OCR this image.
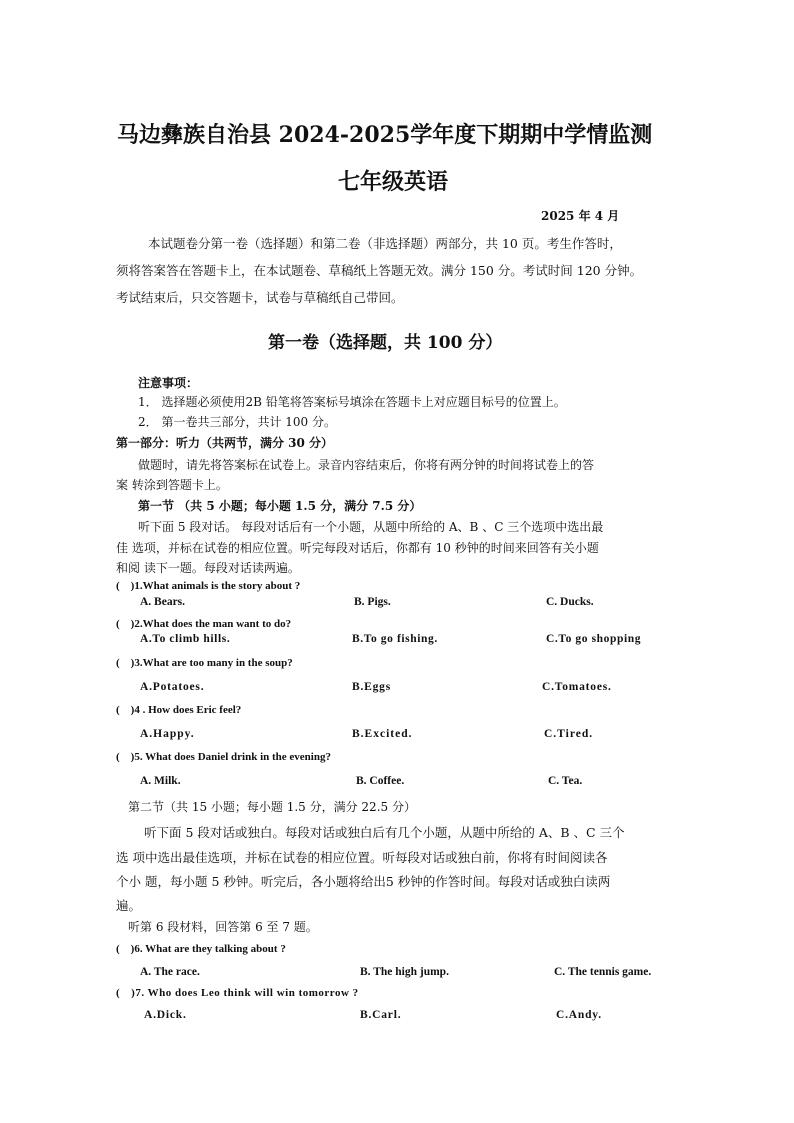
马边彝族自治县 2024-2025学年度下期期中学情监测
七年级英语
2025 年 4 月
本试题卷分第一卷（选择题）和第二卷（非选择题）两部分，共 10 页。考生作答时，
须将答案答在答题卡上，在本试题卷、草稿纸上答题无效。满分 150 分。考试时间 120 分钟。
考试结束后，只交答题卡，试卷与草稿纸自己带回。
第一卷（选择题，共 100 分）
注意事项：
1． 选择题必须使用2B 铅笔将答案标号填涂在答题卡上对应题目标号的位置上。
2． 第一卷共三部分，共计 100 分。
第一部分：听力（共两节，满分 30 分）
做题时，请先将答案标在试卷上。录音内容结束后，你将有两分钟的时间将试卷上的答
案 转涂到答题卡上。
第一节 （共 5 小题；每小题 1.5 分，满分 7.5 分）
听下面 5 段对话。 每段对话后有一个小题，从题中所给的 A、B 、C 三个选项中选出最
佳 选项，并标在试卷的相应位置。听完每段对话后，你都有 10 秒钟的时间来回答有关小题
和阅 读下一题。每段对话读两遍。
( )1.What animals is the story about ?
A. Bears.	B. Pigs.	C. Ducks.
( )2.What does the man want to do?
A.To climb hills.	B.To go fishing.	C.To go shopping
( )3.What are too many in the soup?
A.Potatoes.	B.Eggs	C.Tomatoes.
( )4 . How does Eric feel?
A.Happy.	B.Excited.	C.Tired.
( )5. What does Daniel drink in the evening?
A. Milk.	B. Coffee.	C. Tea.
第二节（共 15 小题；每小题 1.5 分，满分 22.5 分）
听下面 5 段对话或独白。每段对话或独白后有几个小题，从题中所给的 A、B 、C 三个
选 项中选出最佳选项，并标在试卷的相应位置。听每段对话或独白前，你将有时间阅读各
个小 题，每小题 5 秒钟。听完后，各小题将给出5 秒钟的作答时间。每段对话或独白读两
遍。
听第 6 段材料，回答第 6 至 7 题。
( )6. What are they talking about ?
A. The race.	B. The high jump.	C. The tennis game.
( )7. Who does Leo think will win tomorrow ?
A.Dick.	B.Carl.	C.Andy.
